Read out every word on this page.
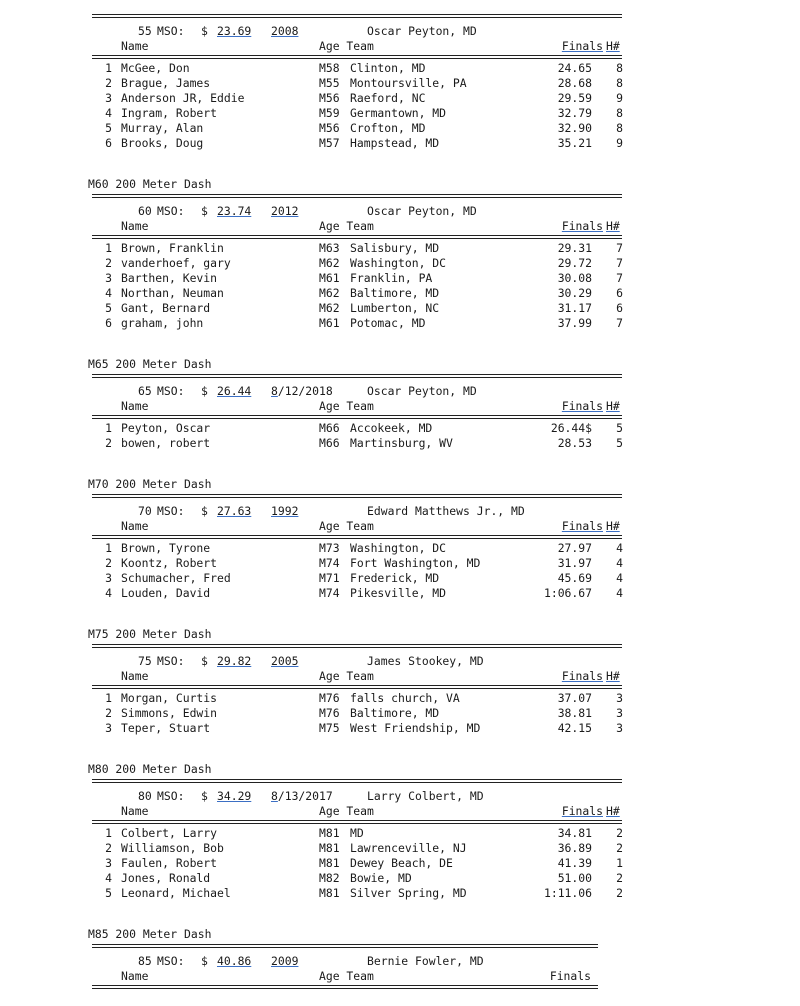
55 MSO: $ 23.69 2008	Oscar Peyton, MD
Name	Age Team	Finals H#
1 McGee, Don	M58 Clinton, MD	24.65 8
2 Brague, James	M55 Montoursville, PA	28.68 8
3 Anderson JR, Eddie	M56 Raeford, NC	29.59 9
4 Ingram, Robert	M59 Germantown, MD	32.79 8
5 Murray, Alan	M56 Crofton, MD	32.90 8
6 Brooks, Doug	M57 Hampstead, MD	35.21 9
M60 200 Meter Dash
60 MSO: $ 23.74 2012	Oscar Peyton, MD
Name	Age Team	Finals H#
1 Brown, Franklin	M63 Salisbury, MD	29.31 7
2 vanderhoef, gary	M62 Washington, DC	29.72 7
3 Barthen, Kevin	M61 Franklin, PA	30.08 7
4 Northan, Neuman	M62 Baltimore, MD	30.29 6
5 Gant, Bernard	M62 Lumberton, NC	31.17 6
6 graham, john	M61 Potomac, MD	37.99 7
M65 200 Meter Dash
65 MSO: $ 26.44 8/12/2018	Oscar Peyton, MD
Name	Age Team	Finals H#
1 Peyton, Oscar	M66 Accokeek, MD	26.44$ 5
2 bowen, robert	M66 Martinsburg, WV	28.53 5
M70 200 Meter Dash
70 MSO: $ 27.63 1992	Edward Matthews Jr., MD
Name	Age Team	Finals H#
1 Brown, Tyrone	M73 Washington, DC	27.97 4
2 Koontz, Robert	M74 Fort Washington, MD	31.97 4
3 Schumacher, Fred	M71 Frederick, MD	45.69 4
4 Louden, David	M74 Pikesville, MD	1:06.67 4
M75 200 Meter Dash
75 MSO: $ 29.82 2005	James Stookey, MD
Name	Age Team	Finals H#
1 Morgan, Curtis	M76 falls church, VA	37.07 3
2 Simmons, Edwin	M76 Baltimore, MD	38.81 3
3 Teper, Stuart	M75 West Friendship, MD	42.15 3
M80 200 Meter Dash
80 MSO: $ 34.29 8/13/2017	Larry Colbert, MD
Name	Age Team	Finals H#
1 Colbert, Larry	M81 MD	34.81 2
2 Williamson, Bob	M81 Lawrenceville, NJ	36.89 2
3 Faulen, Robert	M81 Dewey Beach, DE	41.39 1
4 Jones, Ronald	M82 Bowie, MD	51.00 2
5 Leonard, Michael	M81 Silver Spring, MD	1:11.06 2
M85 200 Meter Dash
85 MSO: $ 40.86 2009	Bernie Fowler, MD
Name	Age Team	Finals
